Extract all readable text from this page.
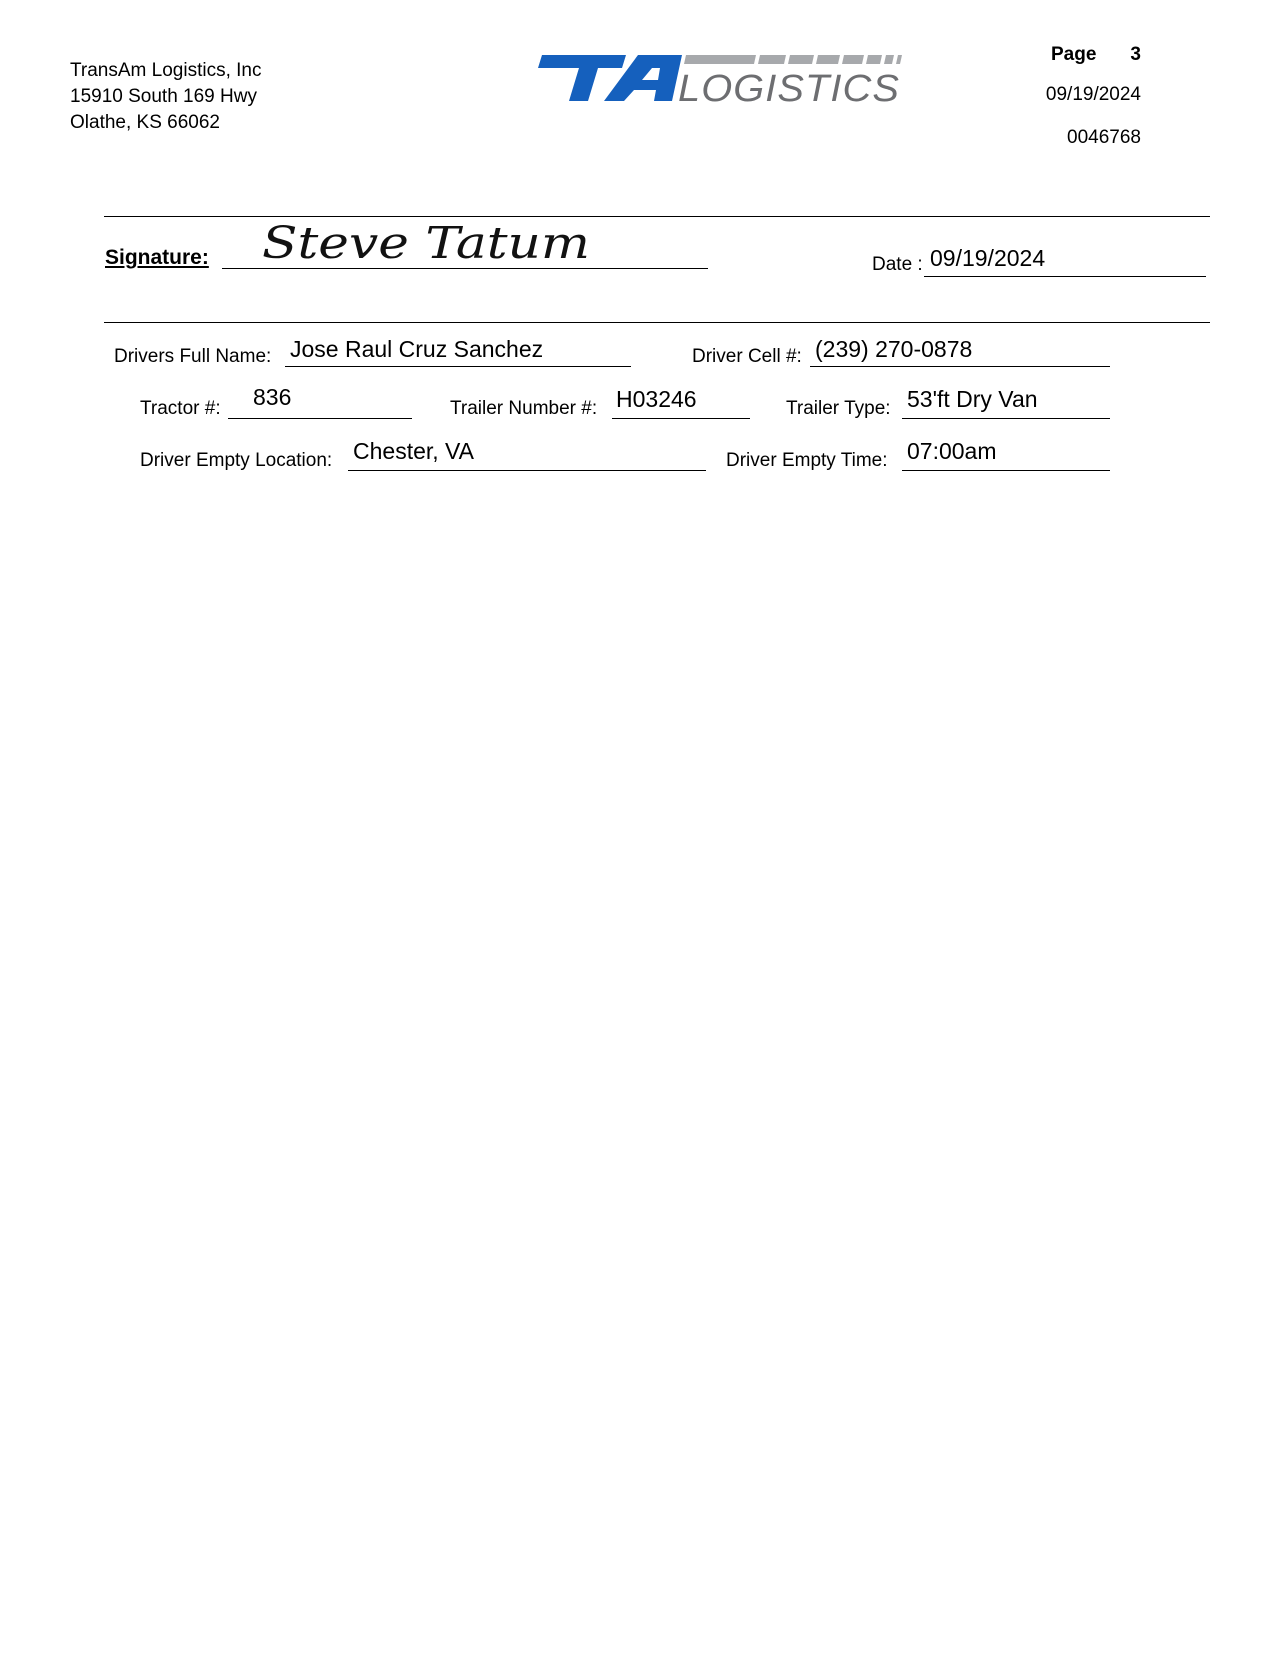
TransAm Logistics, Inc
15910 South 169 Hwy
Olathe, KS 66062
LOGISTICS
Page 3
09/19/2024
0046768
Signature: Steve Tatum	Date : 09/19/2024
Drivers Full Name: Jose Raul Cruz Sanchez	Driver Cell #: (239) 270-0878
Tractor #: 836	Trailer Number #: H03246	Trailer Type: 53'ft Dry Van
Driver Empty Location: Chester, VA	Driver Empty Time: 07:00am
